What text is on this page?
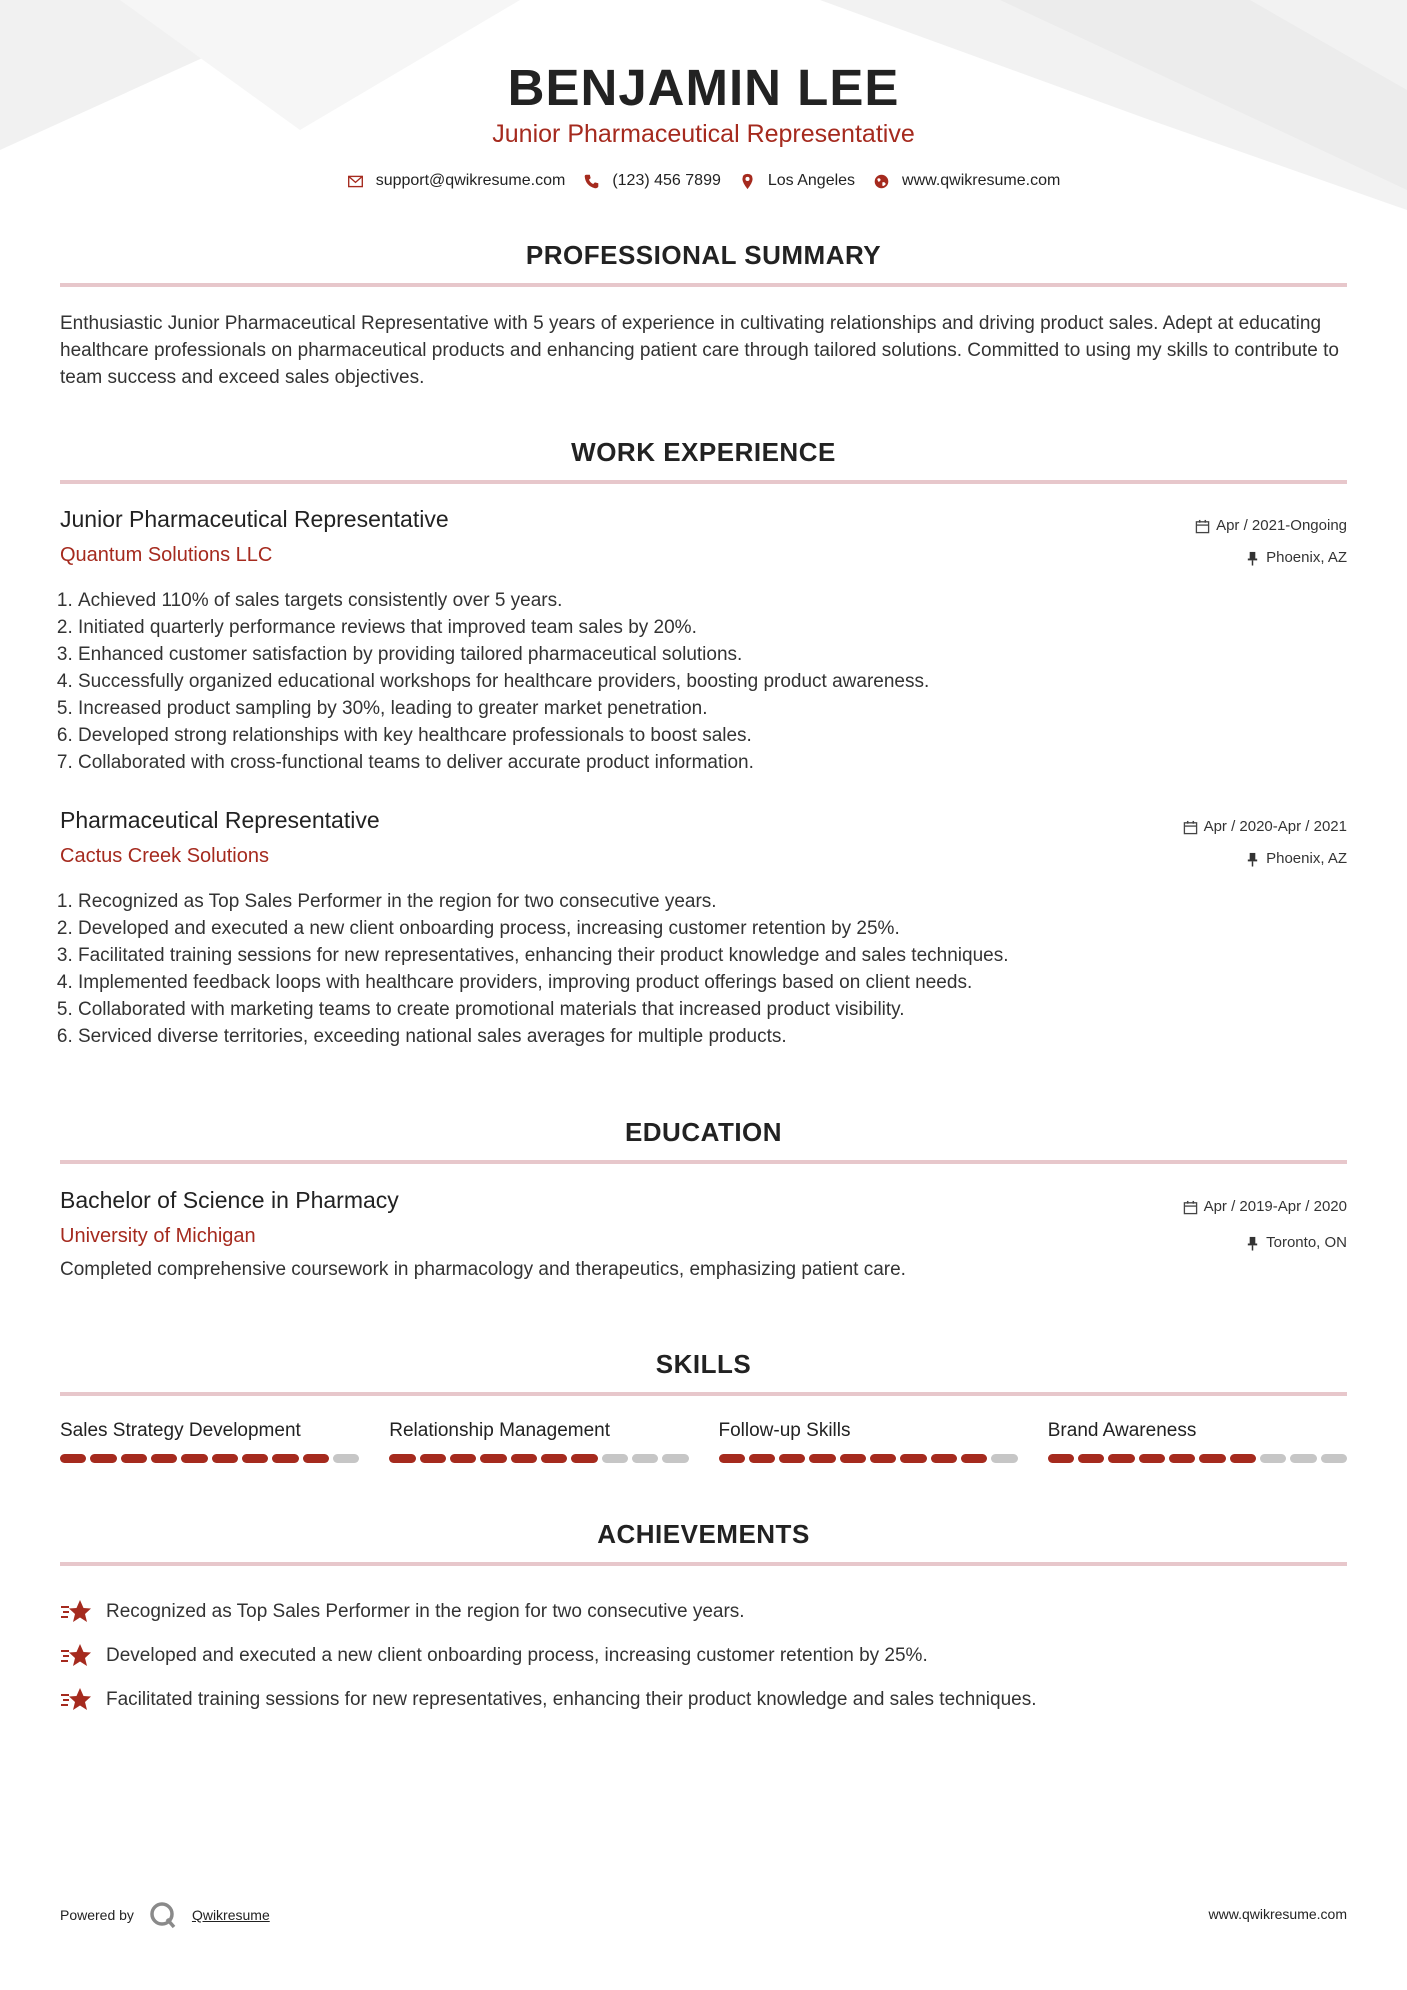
BENJAMIN LEE
Junior Pharmaceutical Representative
support@qwikresume.com	(123) 456 7899	Los Angeles	www.qwikresume.com
PROFESSIONAL SUMMARY
Enthusiastic Junior Pharmaceutical Representative with 5 years of experience in cultivating relationships and driving product sales. Adept at educating healthcare professionals on pharmaceutical products and enhancing patient care through tailored solutions. Committed to using my skills to contribute to team success and exceed sales objectives.
WORK EXPERIENCE
Junior Pharmaceutical Representative
Quantum Solutions LLC
Apr / 2021-Ongoing
Phoenix, AZ
1. Achieved 110% of sales targets consistently over 5 years.
2. Initiated quarterly performance reviews that improved team sales by 20%.
3. Enhanced customer satisfaction by providing tailored pharmaceutical solutions.
4. Successfully organized educational workshops for healthcare providers, boosting product awareness.
5. Increased product sampling by 30%, leading to greater market penetration.
6. Developed strong relationships with key healthcare professionals to boost sales.
7. Collaborated with cross-functional teams to deliver accurate product information.
Pharmaceutical Representative
Cactus Creek Solutions
Apr / 2020-Apr / 2021
Phoenix, AZ
1. Recognized as Top Sales Performer in the region for two consecutive years.
2. Developed and executed a new client onboarding process, increasing customer retention by 25%.
3. Facilitated training sessions for new representatives, enhancing their product knowledge and sales techniques.
4. Implemented feedback loops with healthcare providers, improving product offerings based on client needs.
5. Collaborated with marketing teams to create promotional materials that increased product visibility.
6. Serviced diverse territories, exceeding national sales averages for multiple products.
EDUCATION
Bachelor of Science in Pharmacy
University of Michigan
Completed comprehensive coursework in pharmacology and therapeutics, emphasizing patient care.
Apr / 2019-Apr / 2020
Toronto, ON
SKILLS
Sales Strategy Development	Relationship Management	Follow-up Skills	Brand Awareness
ACHIEVEMENTS
Recognized as Top Sales Performer in the region for two consecutive years.
Developed and executed a new client onboarding process, increasing customer retention by 25%.
Facilitated training sessions for new representatives, enhancing their product knowledge and sales techniques.
Powered by	Qwikresume	www.qwikresume.com
